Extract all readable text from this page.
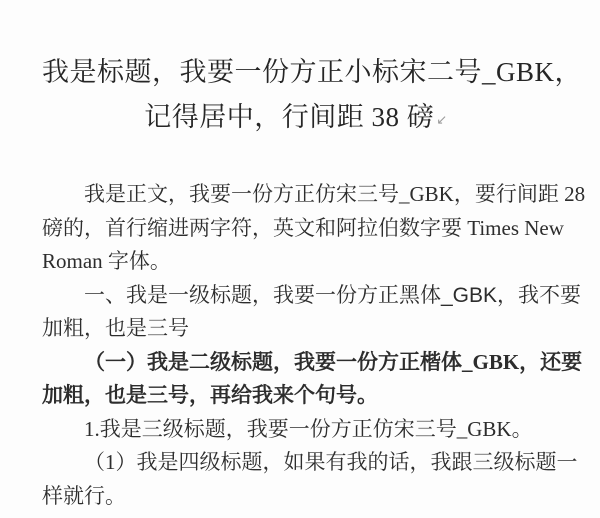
我是标题，我要一份方正小标宋二号_GBK，
记得居中，行间距 38 磅 ↙
我是正文，我要一份方正仿宋三号_GBK，要行间距 28
磅的，首行缩进两字符，英文和阿拉伯数字要 Times New
Roman 字体。
一、我是一级标题，我要一份方正黑体_GBK，我不要
加粗，也是三号
（一）我是二级标题，我要一份方正楷体_GBK，还要
加粗，也是三号，再给我来个句号。
1.我是三级标题，我要一份方正仿宋三号_GBK。
（1）我是四级标题，如果有我的话，我跟三级标题一
样就行。
